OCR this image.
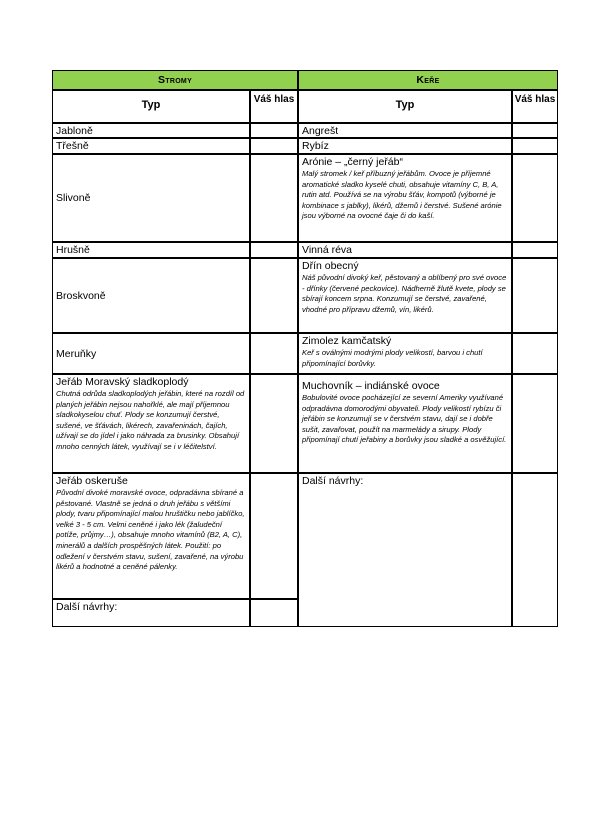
Stromy
Typ	Váš hlas
Jabloně
Třešně
Slivoně
Hrušně
Broskvoně
Meruňky
Jeřáb Moravský sladkoplodý
Chutná odrůda sladkoplodých jeřábin, které na rozdíl od planých jeřábin nejsou nahořklé, ale mají příjemnou sladkokyselou chuť. Plody se konzumují čerstvé, sušené, ve šťávách, likérech, zavařeninách, čajích, užívají se do jídel i jako náhrada za brusinky. Obsahují mnoho cenných látek, využívají se i v léčitelství.
Jeřáb oskeruše
Původní divoké moravské ovoce, odpradávna sbírané a pěstované. Vlastně se jedná o druh jeřábu s většími plody, tvaru připomínající malou hruštičku nebo jablíčko, velké 3 - 5 cm. Velmi ceněné i jako lék (žaludeční potíže, průjmy…), obsahuje mnoho vitamínů (B2, A, C), minerálů a dalších prospěšných látek. Použití: po odležení v čerstvém stavu, sušení, zavařené, na výrobu likérů a hodnotné a ceněné pálenky.
Další návrhy:
Keře
Typ	Váš hlas
Angrešt
Rybíz
Arónie – „černý jeřáb“
Malý stromek / keř příbuzný jeřábům. Ovoce je příjemné aromatické sladko kyselé chuti, obsahuje vitamíny C, B, A, rutin atd. Používá se na výrobu šťáv, kompotů (výborné je kombinace s jablky), likérů, džemů i čerstvé. Sušené arónie jsou výborné na ovocné čaje či do kaší.
Vinná réva
Dřín obecný
Náš původní divoký keř, pěstovaný a oblíbený pro své ovoce - dřínky (červené peckovice). Nádherně žlutě kvete, plody se sbírají koncem srpna. Konzumují se čerstvé, zavařené, vhodné pro přípravu džemů, vín, likérů.
Zimolez kamčatský
Keř s oválnými modrými plody velikostí, barvou i chutí připomínající borůvky.
Muchovník – indiánské ovoce
Bobulovité ovoce pocházející ze severní Ameriky využívané odpradávna domorodými obyvateli. Plody velikostí rybízu či jeřábin se konzumují se v čerstvém stavu, dají se i dobře sušit, zavařovat, použít na marmelády a sirupy. Plody připomínají chutí jeřabiny a borůvky jsou sladké a osvěžující.
Další návrhy:
